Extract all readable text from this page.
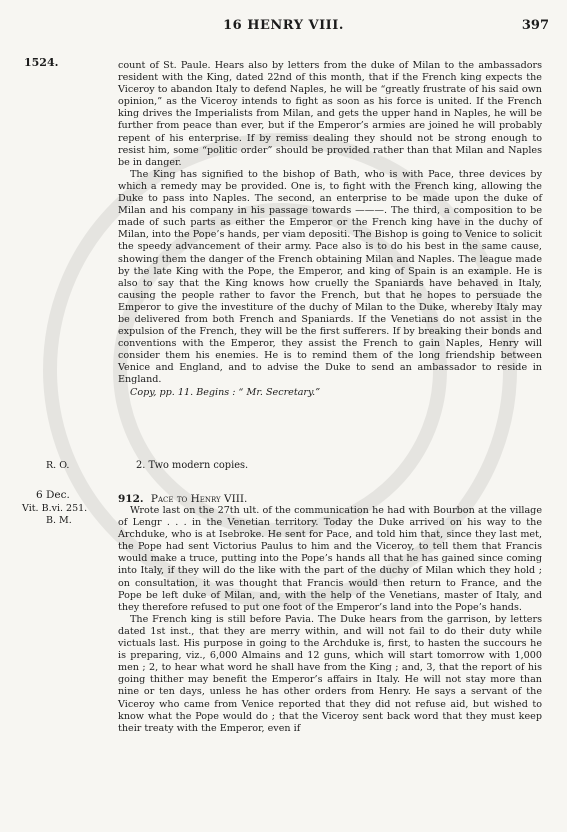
16 HENRY VIII.	397
1524.	count of St. Paule. Hears also by letters from the duke of Milan to the ambassadors resident with the King, dated 22nd of this month, that if the French king expects the Viceroy to abandon Italy to defend Naples, he will be “greatly frustrate of his said own opinion,” as the Viceroy intends to fight as soon as his force is united. If the French king drives the Imperialists from Milan, and gets the upper hand in Naples, he will be further from peace than ever, but if the Emperor’s armies are joined he will probably repent of his enterprise. If by remiss dealing they should not be strong enough to resist him, some “politic order” should be provided rather than that Milan and Naples be in danger.

The King has signified to the bishop of Bath, who is with Pace, three devices by which a remedy may be provided. One is, to fight with the French king, allowing the Duke to pass into Naples. The second, an enterprise to be made upon the duke of Milan and his company in his passage towards ———. The third, a composition to be made of such parts as either the Emperor or the French king have in the duchy of Milan, into the Pope’s hands, per viam depositi. The Bishop is going to Venice to solicit the speedy advancement of their army. Pace also is to do his best in the same cause, showing them the danger of the French obtaining Milan and Naples. The league made by the late King with the Pope, the Emperor, and king of Spain is an example. He is also to say that the King knows how cruelly the Spaniards have behaved in Italy, causing the people rather to favor the French, but that he hopes to persuade the Emperor to give the investiture of the duchy of Milan to the Duke, whereby Italy may be delivered from both French and Spaniards. If the Venetians do not assist in the expulsion of the French, they will be the first sufferers. If by breaking their bonds and conventions with the Emperor, they assist the French to gain Naples, Henry will consider them his enemies. He is to remind them of the long friendship between Venice and England, and to advise the Duke to send an ambassador to reside in England.

Copy, pp. 11. Begins : “ Mr. Secretary.”

R. O.	2. Two modern copies.
6 Dec.
Vit. B.vi. 251.
B. M.
912. Pace to Henry VIII.

Wrote last on the 27th ult. of the communication he had with Bourbon at the village of Lengr . . . in the Venetian territory. Today the Duke arrived on his way to the Archduke, who is at Isebroke. He sent for Pace, and told him that, since they last met, the Pope had sent Victorius Paulus to him and the Viceroy, to tell them that Francis would make a truce, putting into the Pope’s hands all that he has gained since coming into Italy, if they will do the like with the part of the duchy of Milan which they hold ; on consultation, it was thought that Francis would then return to France, and the Pope be left duke of Milan, and, with the help of the Venetians, master of Italy, and they therefore refused to put one foot of the Emperor’s land into the Pope’s hands.

The French king is still before Pavia. The Duke hears from the garrison, by letters dated 1st inst., that they are merry within, and will not fail to do their duty while victuals last. His purpose in going to the Archduke is, first, to hasten the succours he is preparing, viz., 6,000 Almains and 12 guns, which will start tomorrow with 1,000 men ; 2, to hear what word he shall have from the King ; and, 3, that the report of his going thither may benefit the Emperor’s affairs in Italy. He will not stay more than nine or ten days, unless he has other orders from Henry. He says a servant of the Viceroy who came from Venice reported that they did not refuse aid, but wished to know what the Pope would do ; that the Viceroy sent back word that they must keep their treaty with the Emperor, even if
